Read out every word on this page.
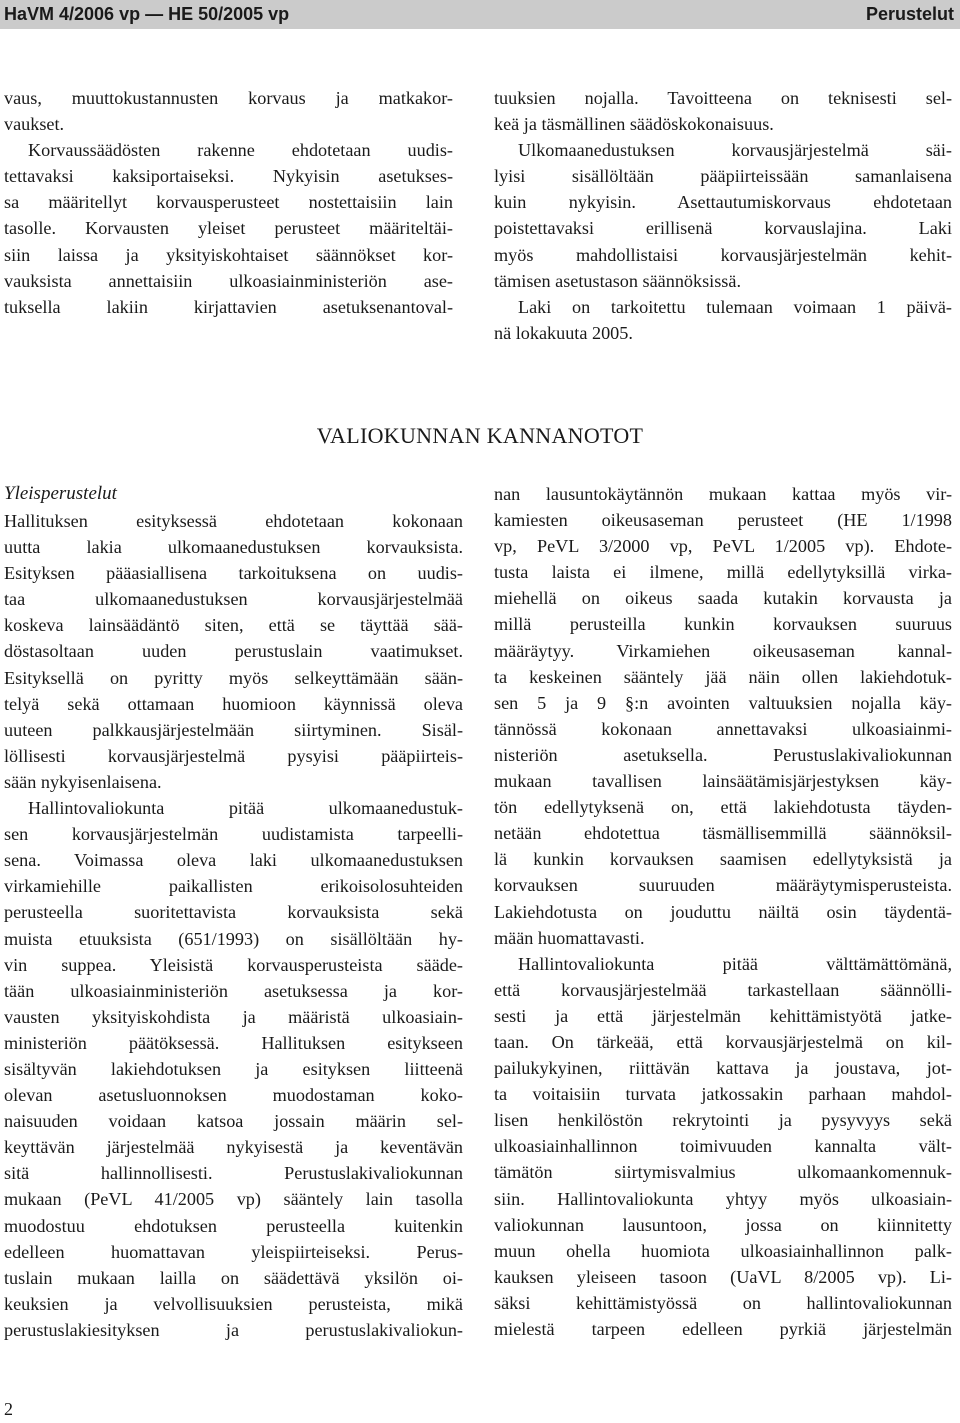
HaVM 4/2006 vp — HE 50/2005 vp	Perustelut

vaus, muuttokustannusten korvaus ja matkakor-

vaukset.

Korvaussäädösten rakenne ehdotetaan uudis-

tettavaksi kaksiportaiseksi. Nykyisin asetukses-

sa määritellyt korvausperusteet nostettaisiin lain

tasolle. Korvausten yleiset perusteet määriteltäi-

siin laissa ja yksityiskohtaiset säännökset kor-

vauksista annettaisiin ulkoasiainministeriön ase-

tuksella lakiin kirjattavien asetuksenantoval-

tuuksien nojalla. Tavoitteena on teknisesti sel-

keä ja täsmällinen säädöskokonaisuus.

Ulkomaanedustuksen korvausjärjestelmä säi-

lyisi sisällöltään pääpiirteissään samanlaisena

kuin nykyisin. Asettautumiskorvaus ehdotetaan

poistettavaksi erillisenä korvauslajina. Laki

myös mahdollistaisi korvausjärjestelmän kehit-

tämisen asetustason säännöksissä.

Laki on tarkoitettu tulemaan voimaan 1 päivä-

nä lokakuuta 2005.

VALIOKUNNAN KANNANOTOT

Yleisperustelut

Hallituksen esityksessä ehdotetaan kokonaan

uutta lakia ulkomaanedustuksen korvauksista.

Esityksen pääasiallisena tarkoituksena on uudis-

taa ulkomaanedustuksen korvausjärjestelmää

koskeva lainsäädäntö siten, että se täyttää sää-

döstasoltaan uuden perustuslain vaatimukset.

Esityksellä on pyritty myös selkeyttämään sään-

telyä sekä ottamaan huomioon käynnissä oleva

uuteen palkkausjärjestelmään siirtyminen. Sisäl-

löllisesti korvausjärjestelmä pysyisi pääpiirteis-

sään nykyisenlaisena.

Hallintovaliokunta pitää ulkomaanedustuk-

sen korvausjärjestelmän uudistamista tarpeelli-

sena. Voimassa oleva laki ulkomaanedustuksen

virkamiehille paikallisten erikoisolosuhteiden

perusteella suoritettavista korvauksista sekä

muista etuuksista (651/1993) on sisällöltään hy-

vin suppea. Yleisistä korvausperusteista sääde-

tään ulkoasiainministeriön asetuksessa ja kor-

vausten yksityiskohdista ja määristä ulkoasiain-

ministeriön päätöksessä. Hallituksen esitykseen

sisältyvän lakiehdotuksen ja esityksen liitteenä

olevan asetusluonnoksen muodostaman koko-

naisuuden voidaan katsoa jossain määrin sel-

keyttävän järjestelmää nykyisestä ja keventävän

sitä hallinnollisesti. Perustuslakivaliokunnan

mukaan (PeVL 41/2005 vp) sääntely lain tasolla

muodostuu ehdotuksen perusteella kuitenkin

edelleen huomattavan yleispiirteiseksi. Perus-

tuslain mukaan lailla on säädettävä yksilön oi-

keuksien ja velvollisuuksien perusteista, mikä

perustuslakiesityksen ja perustuslakivaliokun-

nan lausuntokäytännön mukaan kattaa myös vir-

kamiesten oikeusaseman perusteet (HE 1/1998

vp, PeVL 3/2000 vp, PeVL 1/2005 vp). Ehdote-

tusta laista ei ilmene, millä edellytyksillä virka-

miehellä on oikeus saada kutakin korvausta ja

millä perusteilla kunkin korvauksen suuruus

määräytyy. Virkamiehen oikeusaseman kannal-

ta keskeinen sääntely jää näin ollen lakiehdotuk-

sen 5 ja 9 §:n avointen valtuuksien nojalla käy-

tännössä kokonaan annettavaksi ulkoasiainmi-

nisteriön asetuksella. Perustuslakivaliokunnan

mukaan tavallisen lainsäätämisjärjestyksen käy-

tön edellytyksenä on, että lakiehdotusta täyden-

netään ehdotettua täsmällisemmillä säännöksil-

lä kunkin korvauksen saamisen edellytyksistä ja

korvauksen suuruuden määräytymisperusteista.

Lakiehdotusta on jouduttu näiltä osin täydentä-

mään huomattavasti.

Hallintovaliokunta pitää välttämättömänä,

että korvausjärjestelmää tarkastellaan säännölli-

sesti ja että järjestelmän kehittämistyötä jatke-

taan. On tärkeää, että korvausjärjestelmä on kil-

pailukykyinen, riittävän kattava ja joustava, jot-

ta voitaisiin turvata jatkossakin parhaan mahdol-

lisen henkilöstön rekrytointi ja pysyvyys sekä

ulkoasiainhallinnon toimivuuden kannalta vält-

tämätön siirtymisvalmius ulkomaankomennuk-

siin. Hallintovaliokunta yhtyy myös ulkoasiain-

valiokunnan lausuntoon, jossa on kiinnitetty

muun ohella huomiota ulkoasiainhallinnon palk-

kauksen yleiseen tasoon (UaVL 8/2005 vp). Li-

säksi kehittämistyössä on hallintovaliokunnan

mielestä tarpeen edelleen pyrkiä järjestelmän

2
